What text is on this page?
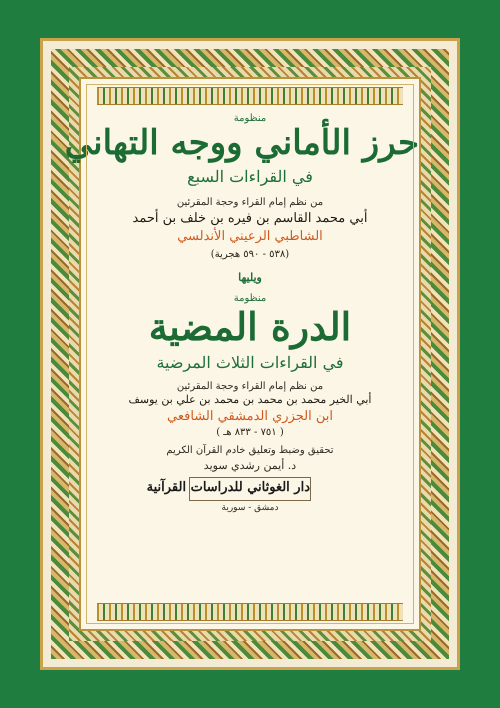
منظومة
حرز الأماني ووجه التهاني
في القراءات السبع
من نظم إمام القراء وحجة المقرئين
أبي محمد القاسم بن فيره بن خلف بن أحمد
الشاطبي الرعيني الأندلسي
(٥٣٨ - ٥٩٠ هجرية)
ويليها
منظومة
الدرة المضية
في القراءات الثلاث المرضية
من نظم إمام القراء وحجة المقرئين
أبي الخير محمد بن محمد بن محمد بن علي بن يوسف
ابن الجزري الدمشقي الشافعي
( ٧٥١ - ٨٣٣ هـ )
تحقيق وضبط وتعليق خادم القرآن الكريم
د. أيمن رشدي سويد
دار الغوثاني للدراسات القرآنية
دمشق - سورية
